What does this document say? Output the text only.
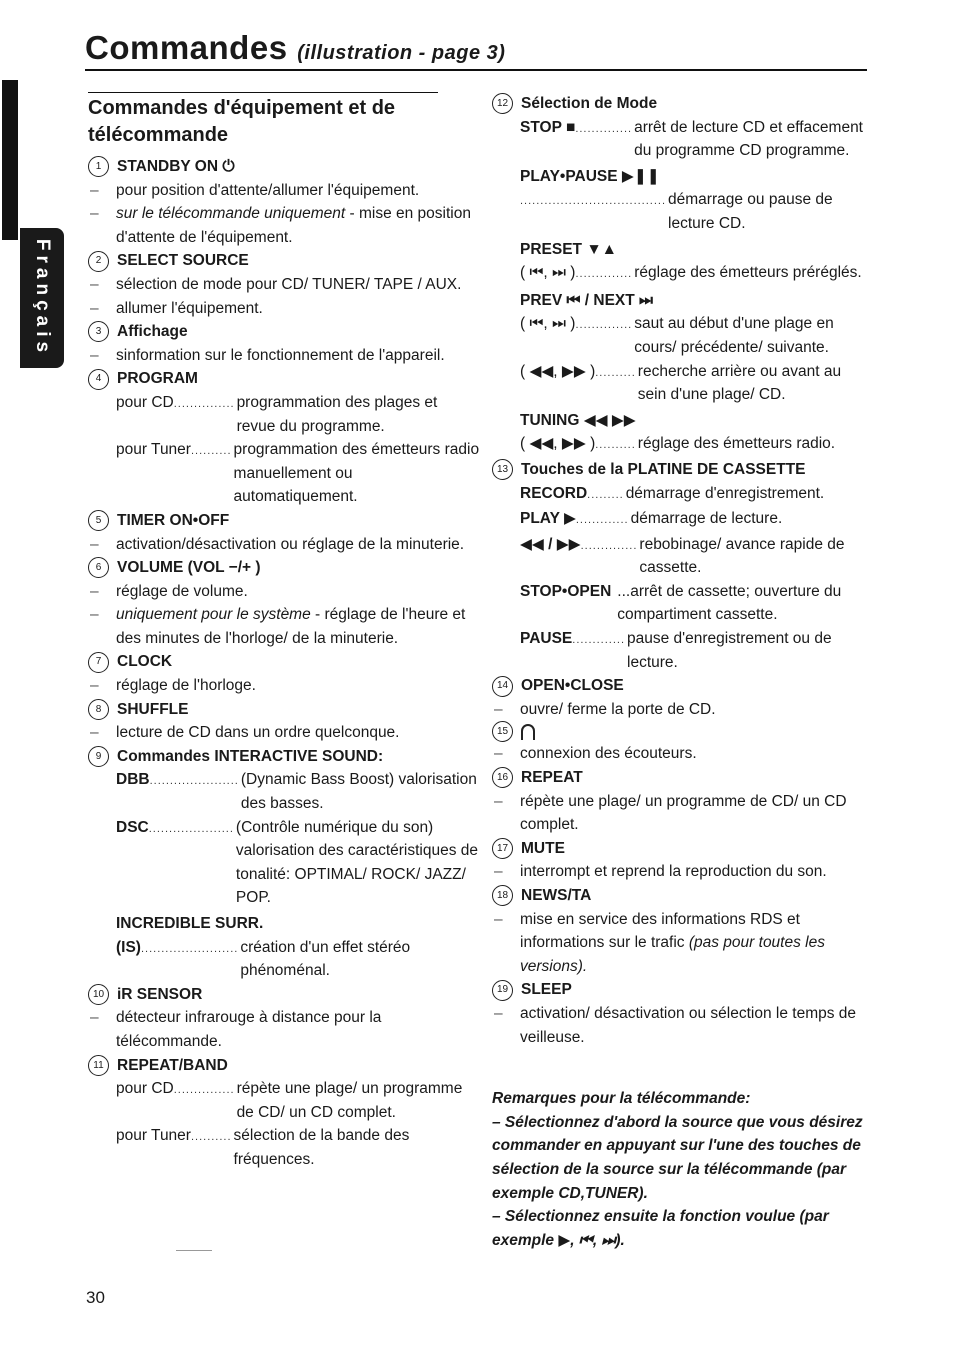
Français
Commandes (illustration - page 3)
Commandes d'équipement et de télécommande
1	STANDBY ON ⏻
–	pour position d'attente/allumer l'équipement.
–	sur le télécommande uniquement - mise en position d'attente de l'équipement.
2	SELECT SOURCE
–	sélection de mode pour CD/ TUNER/ TAPE / AUX.
–	allumer l'équipement.
3	Affichage
–	sinformation sur le fonctionnement de l'appareil.
4	PROGRAM
pour CD ............... programmation des plages et revue du programme.
pour Tuner .......... programmation des émetteurs radio manuellement ou automatiquement.
5	TIMER ON•OFF
–	activation/désactivation ou réglage de la minuterie.
6	VOLUME (VOL −/+ )
–	réglage de volume.
–	uniquement pour le système - réglage de l'heure et des minutes de l'horloge/ de la minuterie.
7	CLOCK
–	réglage de l'horloge.
8	SHUFFLE
–	lecture de CD dans un ordre quelconque.
9	Commandes
INTERACTIVE SOUND:
DBB ...................... (Dynamic Bass Boost) valorisation des basses.
DSC ..................... (Contrôle numérique du son) valorisation des caractéristiques de tonalité: OPTIMAL/ ROCK/ JAZZ/ POP.
INCREDIBLE SURR.
(IS) ........................ création d'un effet stéréo phénoménal.
10 iR SENSOR
–	détecteur infrarouge à distance pour la télécommande.
11 REPEAT/BAND
pour CD ............... répète une plage/ un programme de CD/ un CD complet.
pour Tuner .......... sélection de la bande des fréquences.
12 Sélection de Mode
STOP ■ .............. arrêt de lecture CD et effacement du programme CD programme.
PLAY•PAUSE ▶❚❚
.................................... démarrage ou pause de lecture CD.
PRESET ▼▲
( ⏮, ⏭ ) .............. réglage des émetteurs préréglés.
PREV ⏮ / NEXT ⏭
( ⏮, ⏭ ) .............. saut au début d'une plage en cours/ précédente/ suivante.
( ◀◀, ▶▶ ) .......... recherche arrière ou avant au sein d'une plage/ CD.
TUNING ◀◀ ▶▶
( ◀◀, ▶▶ ) .......... réglage des émetteurs radio.
13 Touches de la PLATINE DE CASSETTE
RECORD ......... démarrage d'enregistrement.
PLAY ▶ ............. démarrage de lecture.
◀◀ / ▶▶ .............. rebobinage/ avance rapide de cassette.
STOP•OPEN ...arrêt de cassette; ouverture du compartiment cassette.
PAUSE ............. pause d'enregistrement ou de lecture.
14 OPEN•CLOSE
–	ouvre/ ferme la porte de CD.
15
–	connexion des écouteurs.
16 REPEAT
–	répète une plage/ un programme de CD/ un CD complet.
17 MUTE
–	interrompt et reprend la reproduction du son.
18 NEWS/TA
–	mise en service des informations RDS et informations sur le trafic (pas pour toutes les versions).
19 SLEEP
–	activation/ désactivation ou sélection le temps de veilleuse.
Remarques pour la télécommande:
– Sélectionnez d'abord la source que vous désirez commander en appuyant sur l'une des touches de sélection de la source sur la télécommande (par exemple CD,TUNER).
– Sélectionnez ensuite la fonction voulue (par exemple ▶, ⏮, ⏭).
30
